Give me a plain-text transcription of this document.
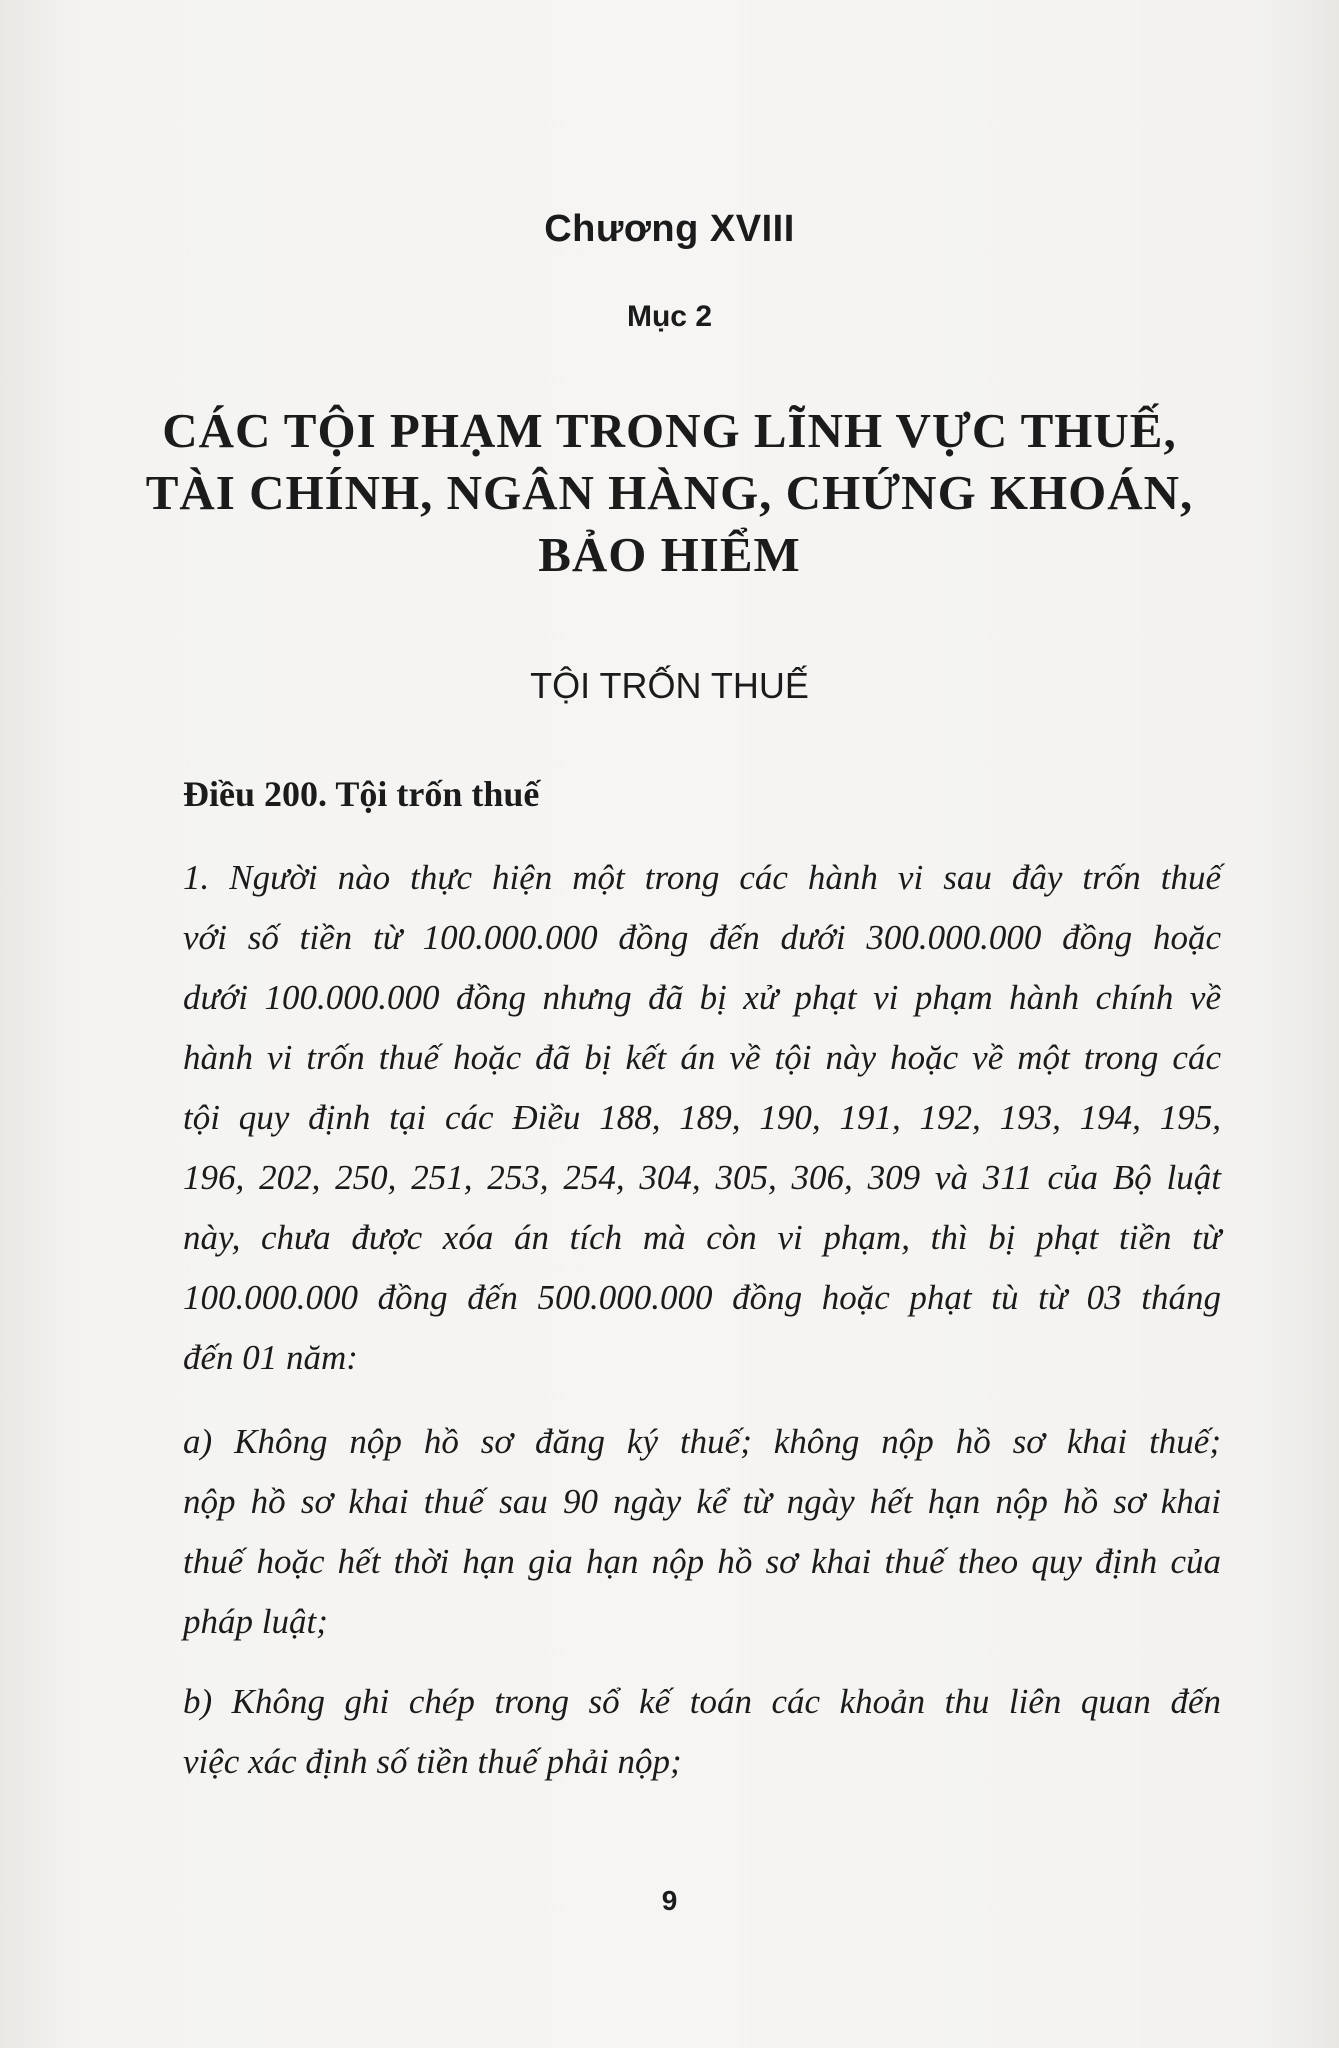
Chương XVIII
Mục 2
CÁC TỘI PHẠM TRONG LĨNH VỰC THUẾ,
TÀI CHÍNH, NGÂN HÀNG, CHỨNG KHOÁN,
BẢO HIỂM
TỘI TRỐN THUẾ
Điều 200. Tội trốn thuế
1. Người nào thực hiện một trong các hành vi sau đây trốn thuế
với số tiền từ 100.000.000 đồng đến dưới 300.000.000 đồng hoặc
dưới 100.000.000 đồng nhưng đã bị xử phạt vi phạm hành chính về
hành vi trốn thuế hoặc đã bị kết án về tội này hoặc về một trong các
tội quy định tại các Điều 188, 189, 190, 191, 192, 193, 194, 195,
196, 202, 250, 251, 253, 254, 304, 305, 306, 309 và 311 của Bộ luật
này, chưa được xóa án tích mà còn vi phạm, thì bị phạt tiền từ
100.000.000 đồng đến 500.000.000 đồng hoặc phạt tù từ 03 tháng
đến 01 năm:
a) Không nộp hồ sơ đăng ký thuế; không nộp hồ sơ khai thuế;
nộp hồ sơ khai thuế sau 90 ngày kể từ ngày hết hạn nộp hồ sơ khai
thuế hoặc hết thời hạn gia hạn nộp hồ sơ khai thuế theo quy định của
pháp luật;
b) Không ghi chép trong sổ kế toán các khoản thu liên quan đến
việc xác định số tiền thuế phải nộp;
9
